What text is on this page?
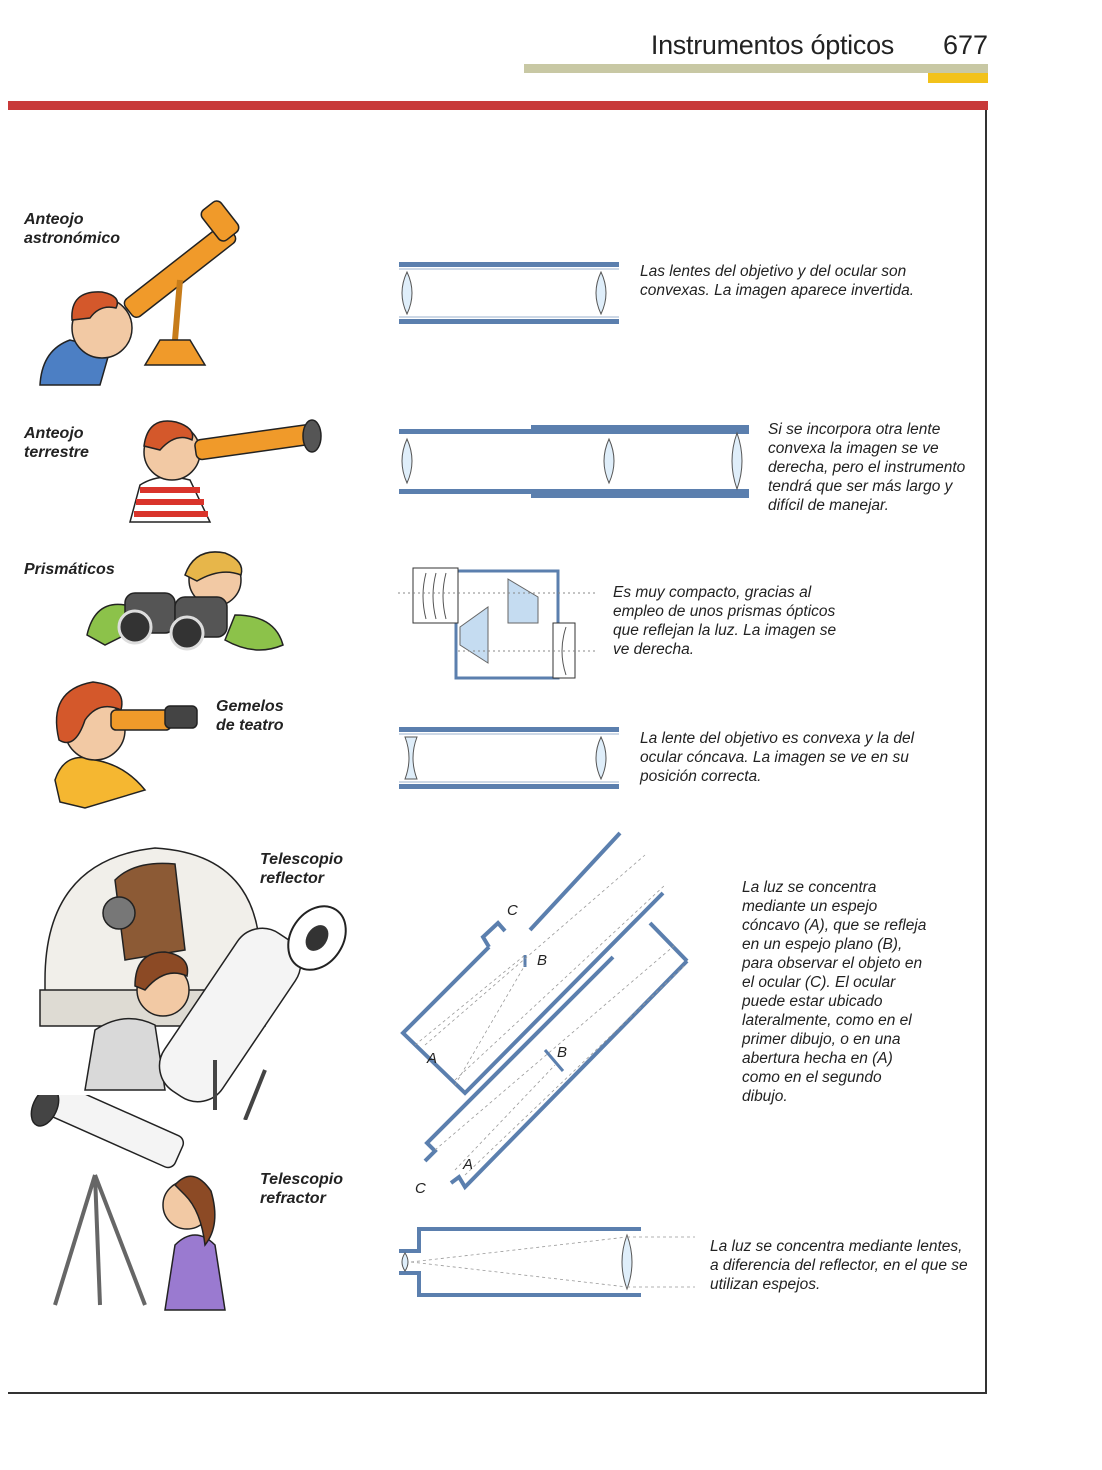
Instrumentos ópticos 677
Anteojo
astronómico
Las lentes del objetivo y del ocular son convexas. La imagen aparece invertida.
Anteojo
terrestre
Si se incorpora otra lente convexa la imagen se ve derecha, pero el instrumento tendrá que ser más largo y difícil de manejar.
Prismáticos
Es muy compacto, gracias al empleo de unos prismas ópticos que reflejan la luz. La imagen se ve derecha.
Gemelos
de teatro
La lente del objetivo es convexa y la del ocular cóncava. La imagen se ve en su posición correcta.
Telescopio
reflector
C
B
A	B
A
C
La luz se concentra mediante un espejo cóncavo (A), que se refleja en un espejo plano (B), para observar el objeto en el ocular (C). El ocular puede estar ubicado lateralmente, como en el primer dibujo, o en una abertura hecha en (A) como en el segundo dibujo.
Telescopio
refractor
La luz se concentra mediante lentes, a diferencia del reflector, en el que se utilizan espejos.
